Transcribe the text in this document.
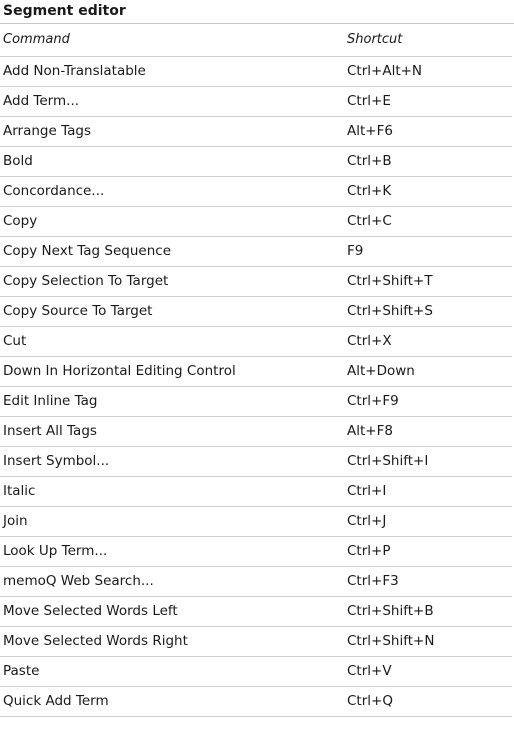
Segment editor
Command	Shortcut
Add Non-Translatable	Ctrl+Alt+N
Add Term...	Ctrl+E
Arrange Tags	Alt+F6
Bold	Ctrl+B
Concordance...	Ctrl+K
Copy	Ctrl+C
Copy Next Tag Sequence	F9
Copy Selection To Target	Ctrl+Shift+T
Copy Source To Target	Ctrl+Shift+S
Cut	Ctrl+X
Down In Horizontal Editing Control	Alt+Down
Edit Inline Tag	Ctrl+F9
Insert All Tags	Alt+F8
Insert Symbol...	Ctrl+Shift+I
Italic	Ctrl+I
Join	Ctrl+J
Look Up Term...	Ctrl+P
memoQ Web Search...	Ctrl+F3
Move Selected Words Left	Ctrl+Shift+B
Move Selected Words Right	Ctrl+Shift+N
Paste	Ctrl+V
Quick Add Term	Ctrl+Q
